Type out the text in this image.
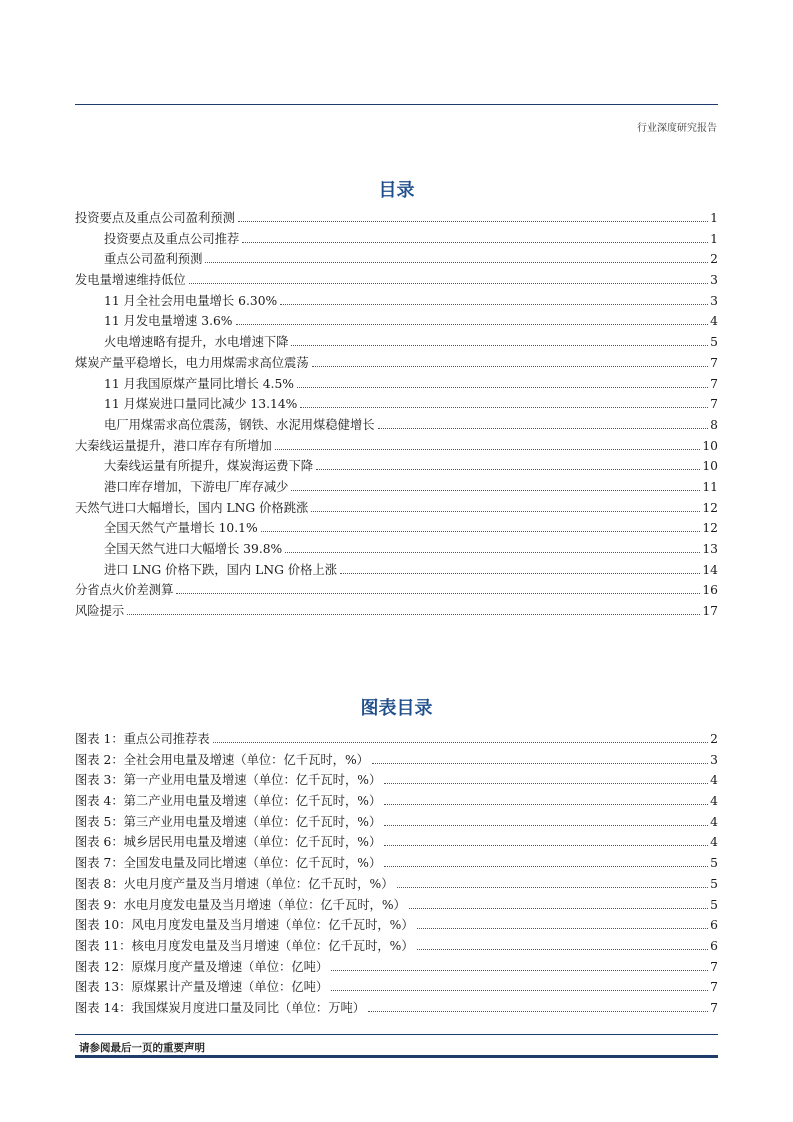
行业深度研究报告
目录
投资要点及重点公司盈利预测	1
投资要点及重点公司推荐	1
重点公司盈利预测	2
发电量增速维持低位	3
11 月全社会用电量增长 6.30%	3
11 月发电量增速 3.6%	4
火电增速略有提升，水电增速下降	5
煤炭产量平稳增长，电力用煤需求高位震荡	7
11 月我国原煤产量同比增长 4.5%	7
11 月煤炭进口量同比减少 13.14%	7
电厂用煤需求高位震荡，钢铁、水泥用煤稳健增长	8
大秦线运量提升，港口库存有所增加	10
大秦线运量有所提升，煤炭海运费下降	10
港口库存增加，下游电厂库存减少	11
天然气进口大幅增长，国内 LNG 价格跳涨	12
全国天然气产量增长 10.1%	12
全国天然气进口大幅增长 39.8%	13
进口 LNG 价格下跌，国内 LNG 价格上涨	14
分省点火价差测算	16
风险提示	17
图表目录
图表 1：重点公司推荐表	2
图表 2：全社会用电量及增速（单位：亿千瓦时，%）	3
图表 3：第一产业用电量及增速（单位：亿千瓦时，%）	4
图表 4：第二产业用电量及增速（单位：亿千瓦时，%）	4
图表 5：第三产业用电量及增速（单位：亿千瓦时，%）	4
图表 6：城乡居民用电量及增速（单位：亿千瓦时，%）	4
图表 7：全国发电量及同比增速（单位：亿千瓦时，%）	5
图表 8：火电月度产量及当月增速（单位：亿千瓦时，%）	5
图表 9：水电月度发电量及当月增速（单位：亿千瓦时，%）	5
图表 10：风电月度发电量及当月增速（单位：亿千瓦时，%）	6
图表 11：核电月度发电量及当月增速（单位：亿千瓦时，%）	6
图表 12：原煤月度产量及增速（单位：亿吨）	7
图表 13：原煤累计产量及增速（单位：亿吨）	7
图表 14：我国煤炭月度进口量及同比（单位：万吨）	7
请参阅最后一页的重要声明
